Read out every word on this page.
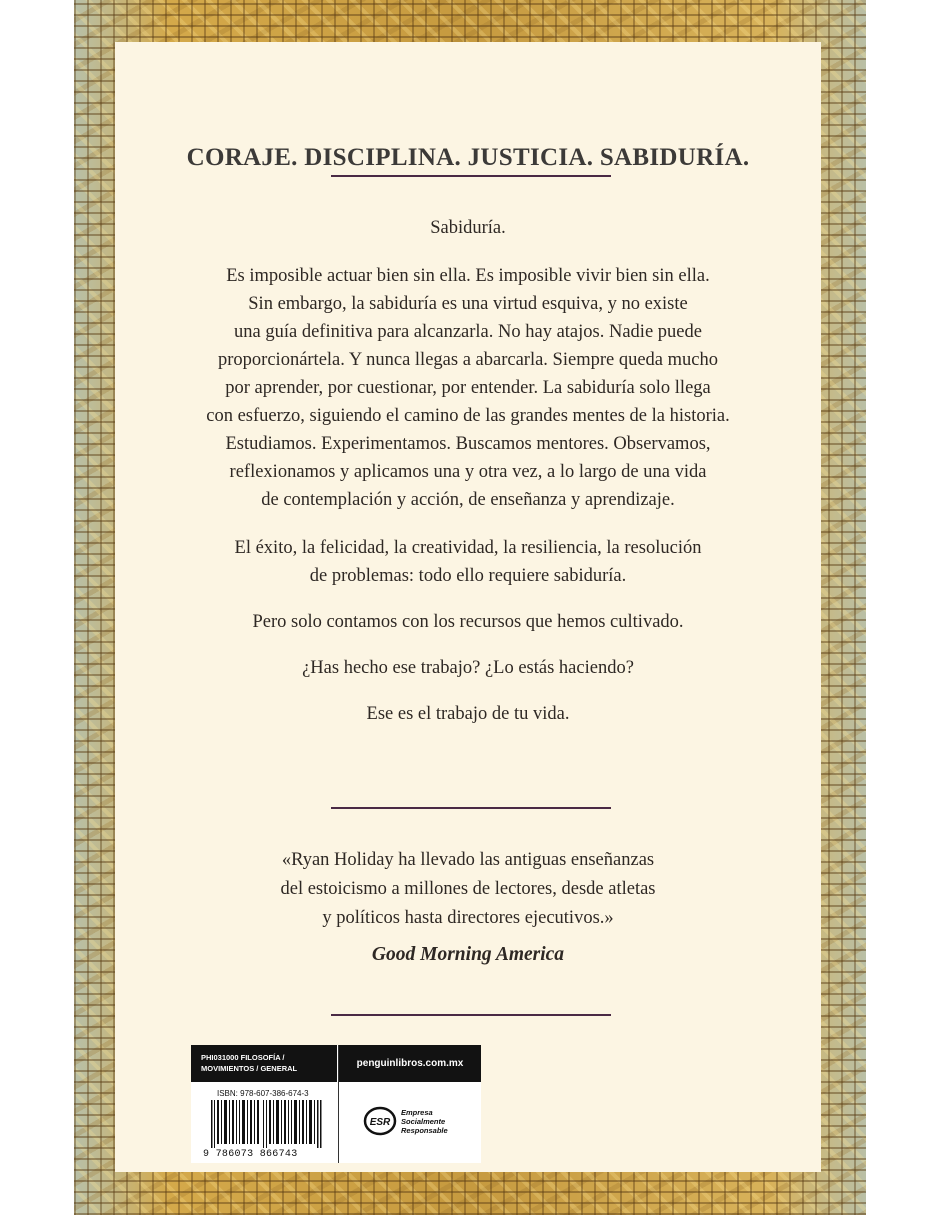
CORAJE. DISCIPLINA. JUSTICIA. SABIDURÍA.

Sabiduría.

Es imposible actuar bien sin ella. Es imposible vivir bien sin ella.
Sin embargo, la sabiduría es una virtud esquiva, y no existe
una guía definitiva para alcanzarla. No hay atajos. Nadie puede
proporcionártela. Y nunca llegas a abarcarla. Siempre queda mucho
por aprender, por cuestionar, por entender. La sabiduría solo llega
con esfuerzo, siguiendo el camino de las grandes mentes de la historia.
Estudiamos. Experimentamos. Buscamos mentores. Observamos,
reflexionamos y aplicamos una y otra vez, a lo largo de una vida
de contemplación y acción, de enseñanza y aprendizaje.

El éxito, la felicidad, la creatividad, la resiliencia, la resolución
de problemas: todo ello requiere sabiduría.

Pero solo contamos con los recursos que hemos cultivado.

¿Has hecho ese trabajo? ¿Lo estás haciendo?

Ese es el trabajo de tu vida.

«Ryan Holiday ha llevado las antiguas enseñanzas
del estoicismo a millones de lectores, desde atletas
y políticos hasta directores ejecutivos.»
Good Morning America
PHI031000 FILOSOFÍA /
MOVIMIENTOS / GENERAL	penguinlibros.com.mx
ISBN: 978-607-386-674-3
9 786073 866743
ESR
Empresa
Socialmente
Responsable
